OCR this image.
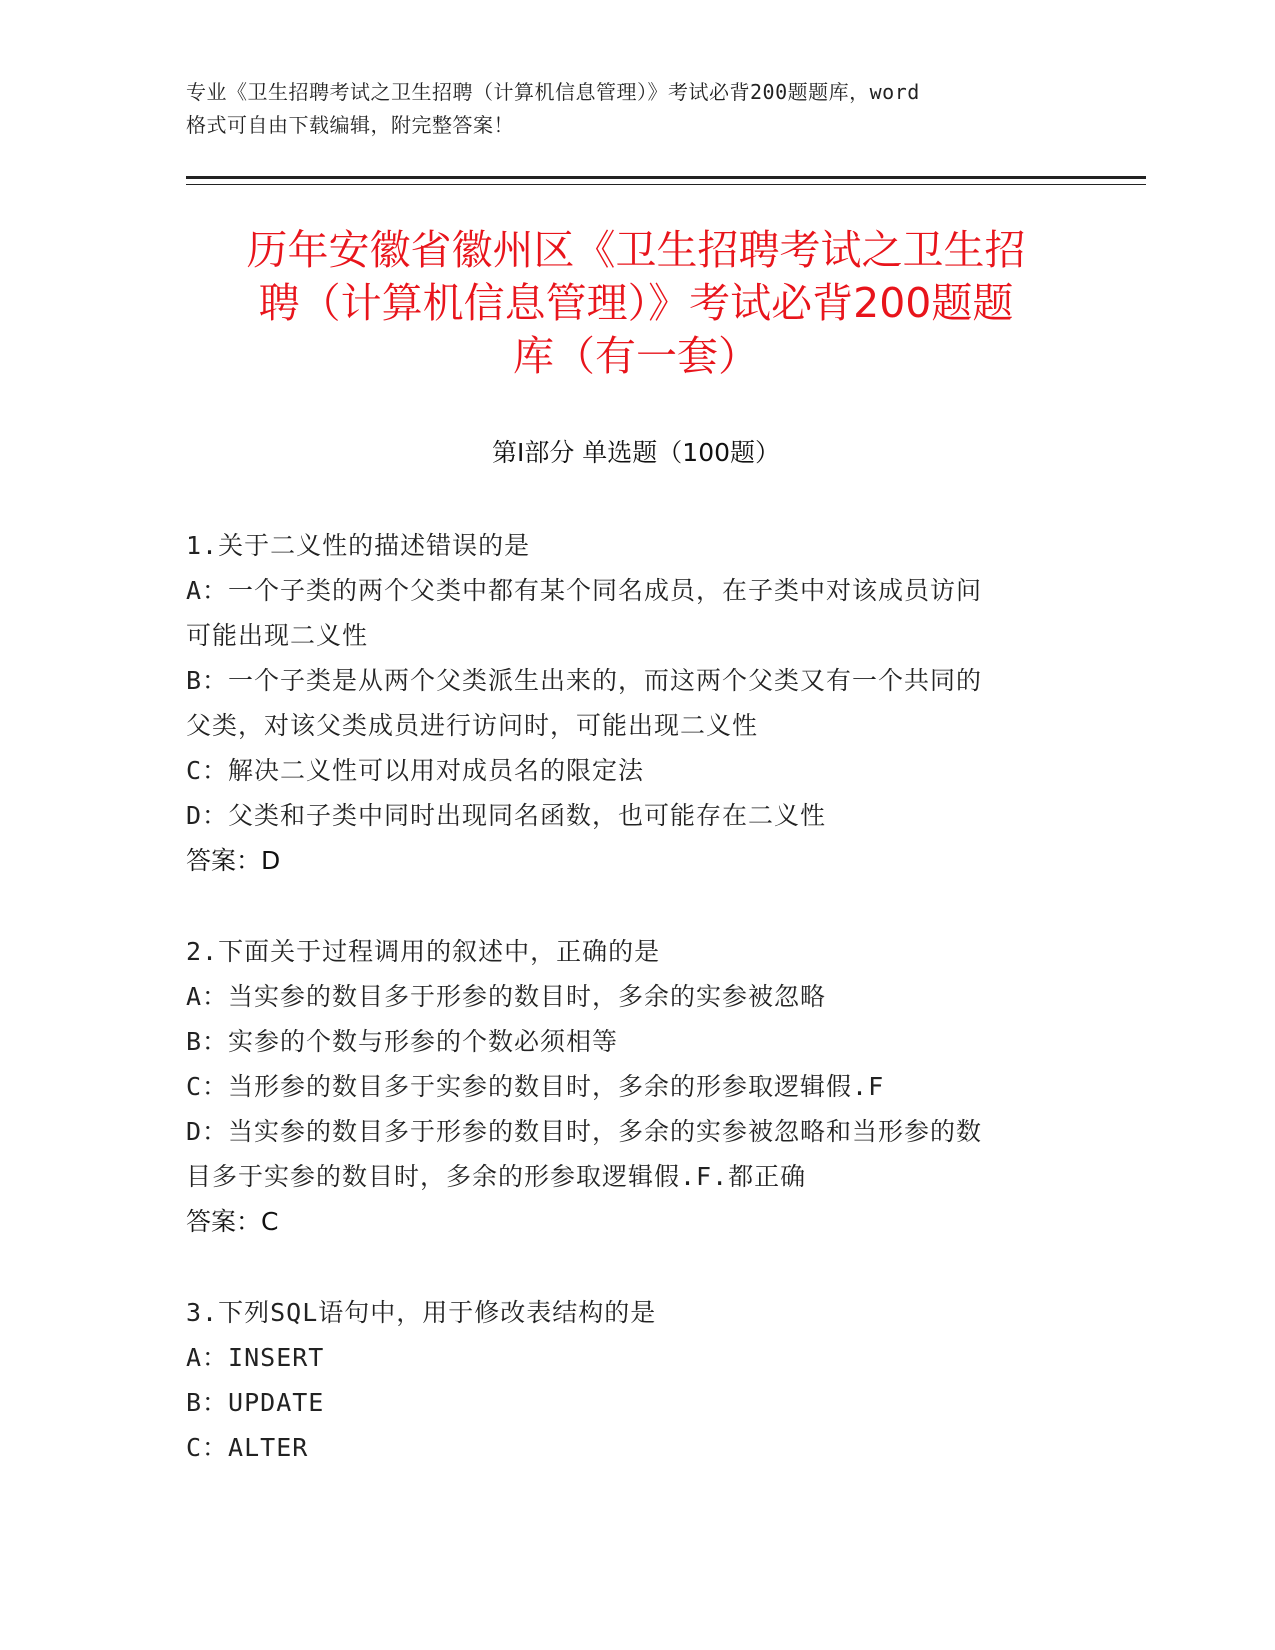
专业《卫生招聘考试之卫生招聘（计算机信息管理）》考试必背200题题库，word
格式可自由下载编辑，附完整答案！
历年安徽省徽州区《卫生招聘考试之卫生招
聘（计算机信息管理）》考试必背200题题
库（有一套）
第Ⅰ部分 单选题（100题）
1.关于二义性的描述错误的是
A：一个子类的两个父类中都有某个同名成员，在子类中对该成员访问
可能出现二义性
B：一个子类是从两个父类派生出来的，而这两个父类又有一个共同的
父类，对该父类成员进行访问时，可能出现二义性
C：解决二义性可以用对成员名的限定法
D：父类和子类中同时出现同名函数，也可能存在二义性
答案：D
2.下面关于过程调用的叙述中，正确的是
A：当实参的数目多于形参的数目时，多余的实参被忽略
B：实参的个数与形参的个数必须相等
C：当形参的数目多于实参的数目时，多余的形参取逻辑假.F
D：当实参的数目多于形参的数目时，多余的实参被忽略和当形参的数
目多于实参的数目时，多余的形参取逻辑假.F.都正确
答案：C
3.下列SQL语句中，用于修改表结构的是
A：INSERT
B：UPDATE
C：ALTER
